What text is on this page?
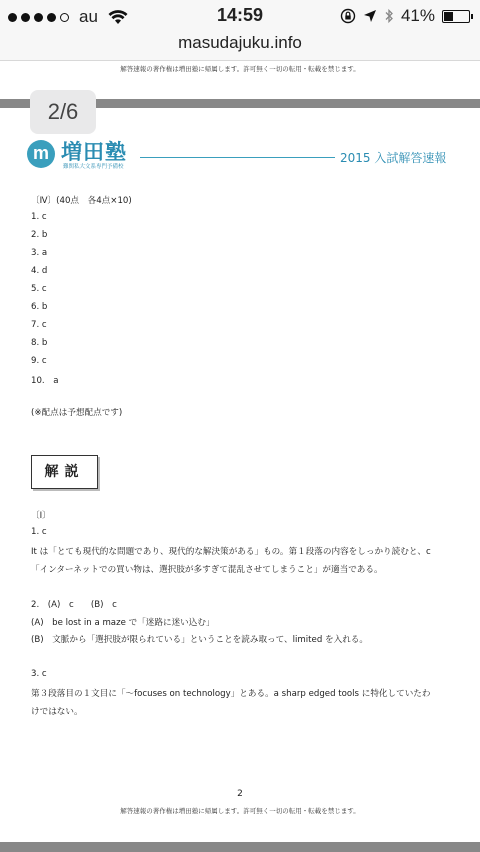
au	14:59	41%
masudajuku.info
解答速報の著作権は増田塾に帰属します。許可無く一切の転用・転載を禁じます。
2/6
m 増田塾
難関私大文系専門予備校
2015 入試解答速報
〔Ⅳ〕(40点　各4点×10)
1. c
2. b
3. a
4. d
5. c
6. b
7. c
8. b
9. c
10.　a
(※配点は予想配点です)
解説
〔Ⅰ〕
1. c
It は「とても現代的な問題であり、現代的な解決策がある」もの。第１段落の内容をしっかり読むと、c
「インターネットでの買い物は、選択肢が多すぎて混乱させてしまうこと」が適当である。
2.　(A)　c　　(B)　c
(A)　be lost in a maze で「迷路に迷い込む」
(B)　文脈から「選択肢が限られている」ということを読み取って、limited を入れる。
3. c
第３段落目の１文目に「～focuses on technology」とある。a sharp edged tools に特化していたわ
けではない。
2
解答速報の著作権は増田塾に帰属します。許可無く一切の転用・転載を禁じます。
